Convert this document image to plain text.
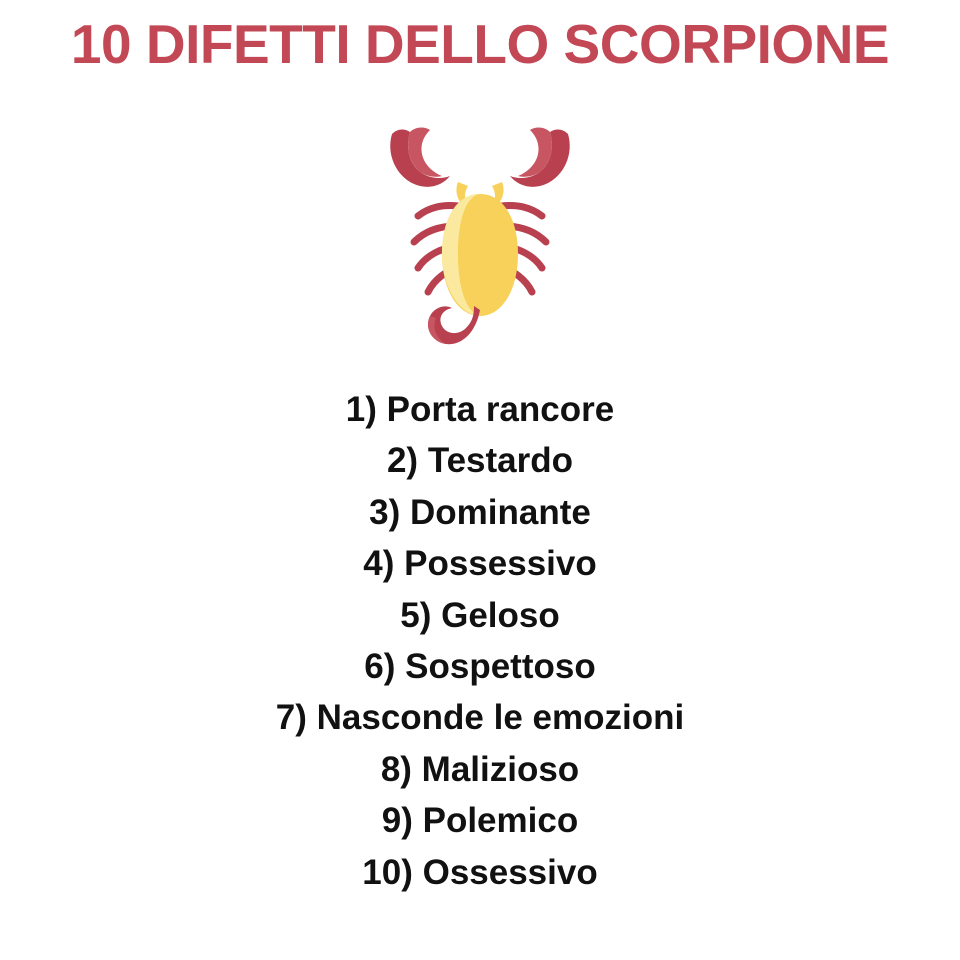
10 DIFETTI DELLO SCORPIONE
1) Porta rancore
2) Testardo
3) Dominante
4) Possessivo
5) Geloso
6) Sospettoso
7) Nasconde le emozioni
8) Malizioso
9) Polemico
10) Ossessivo
